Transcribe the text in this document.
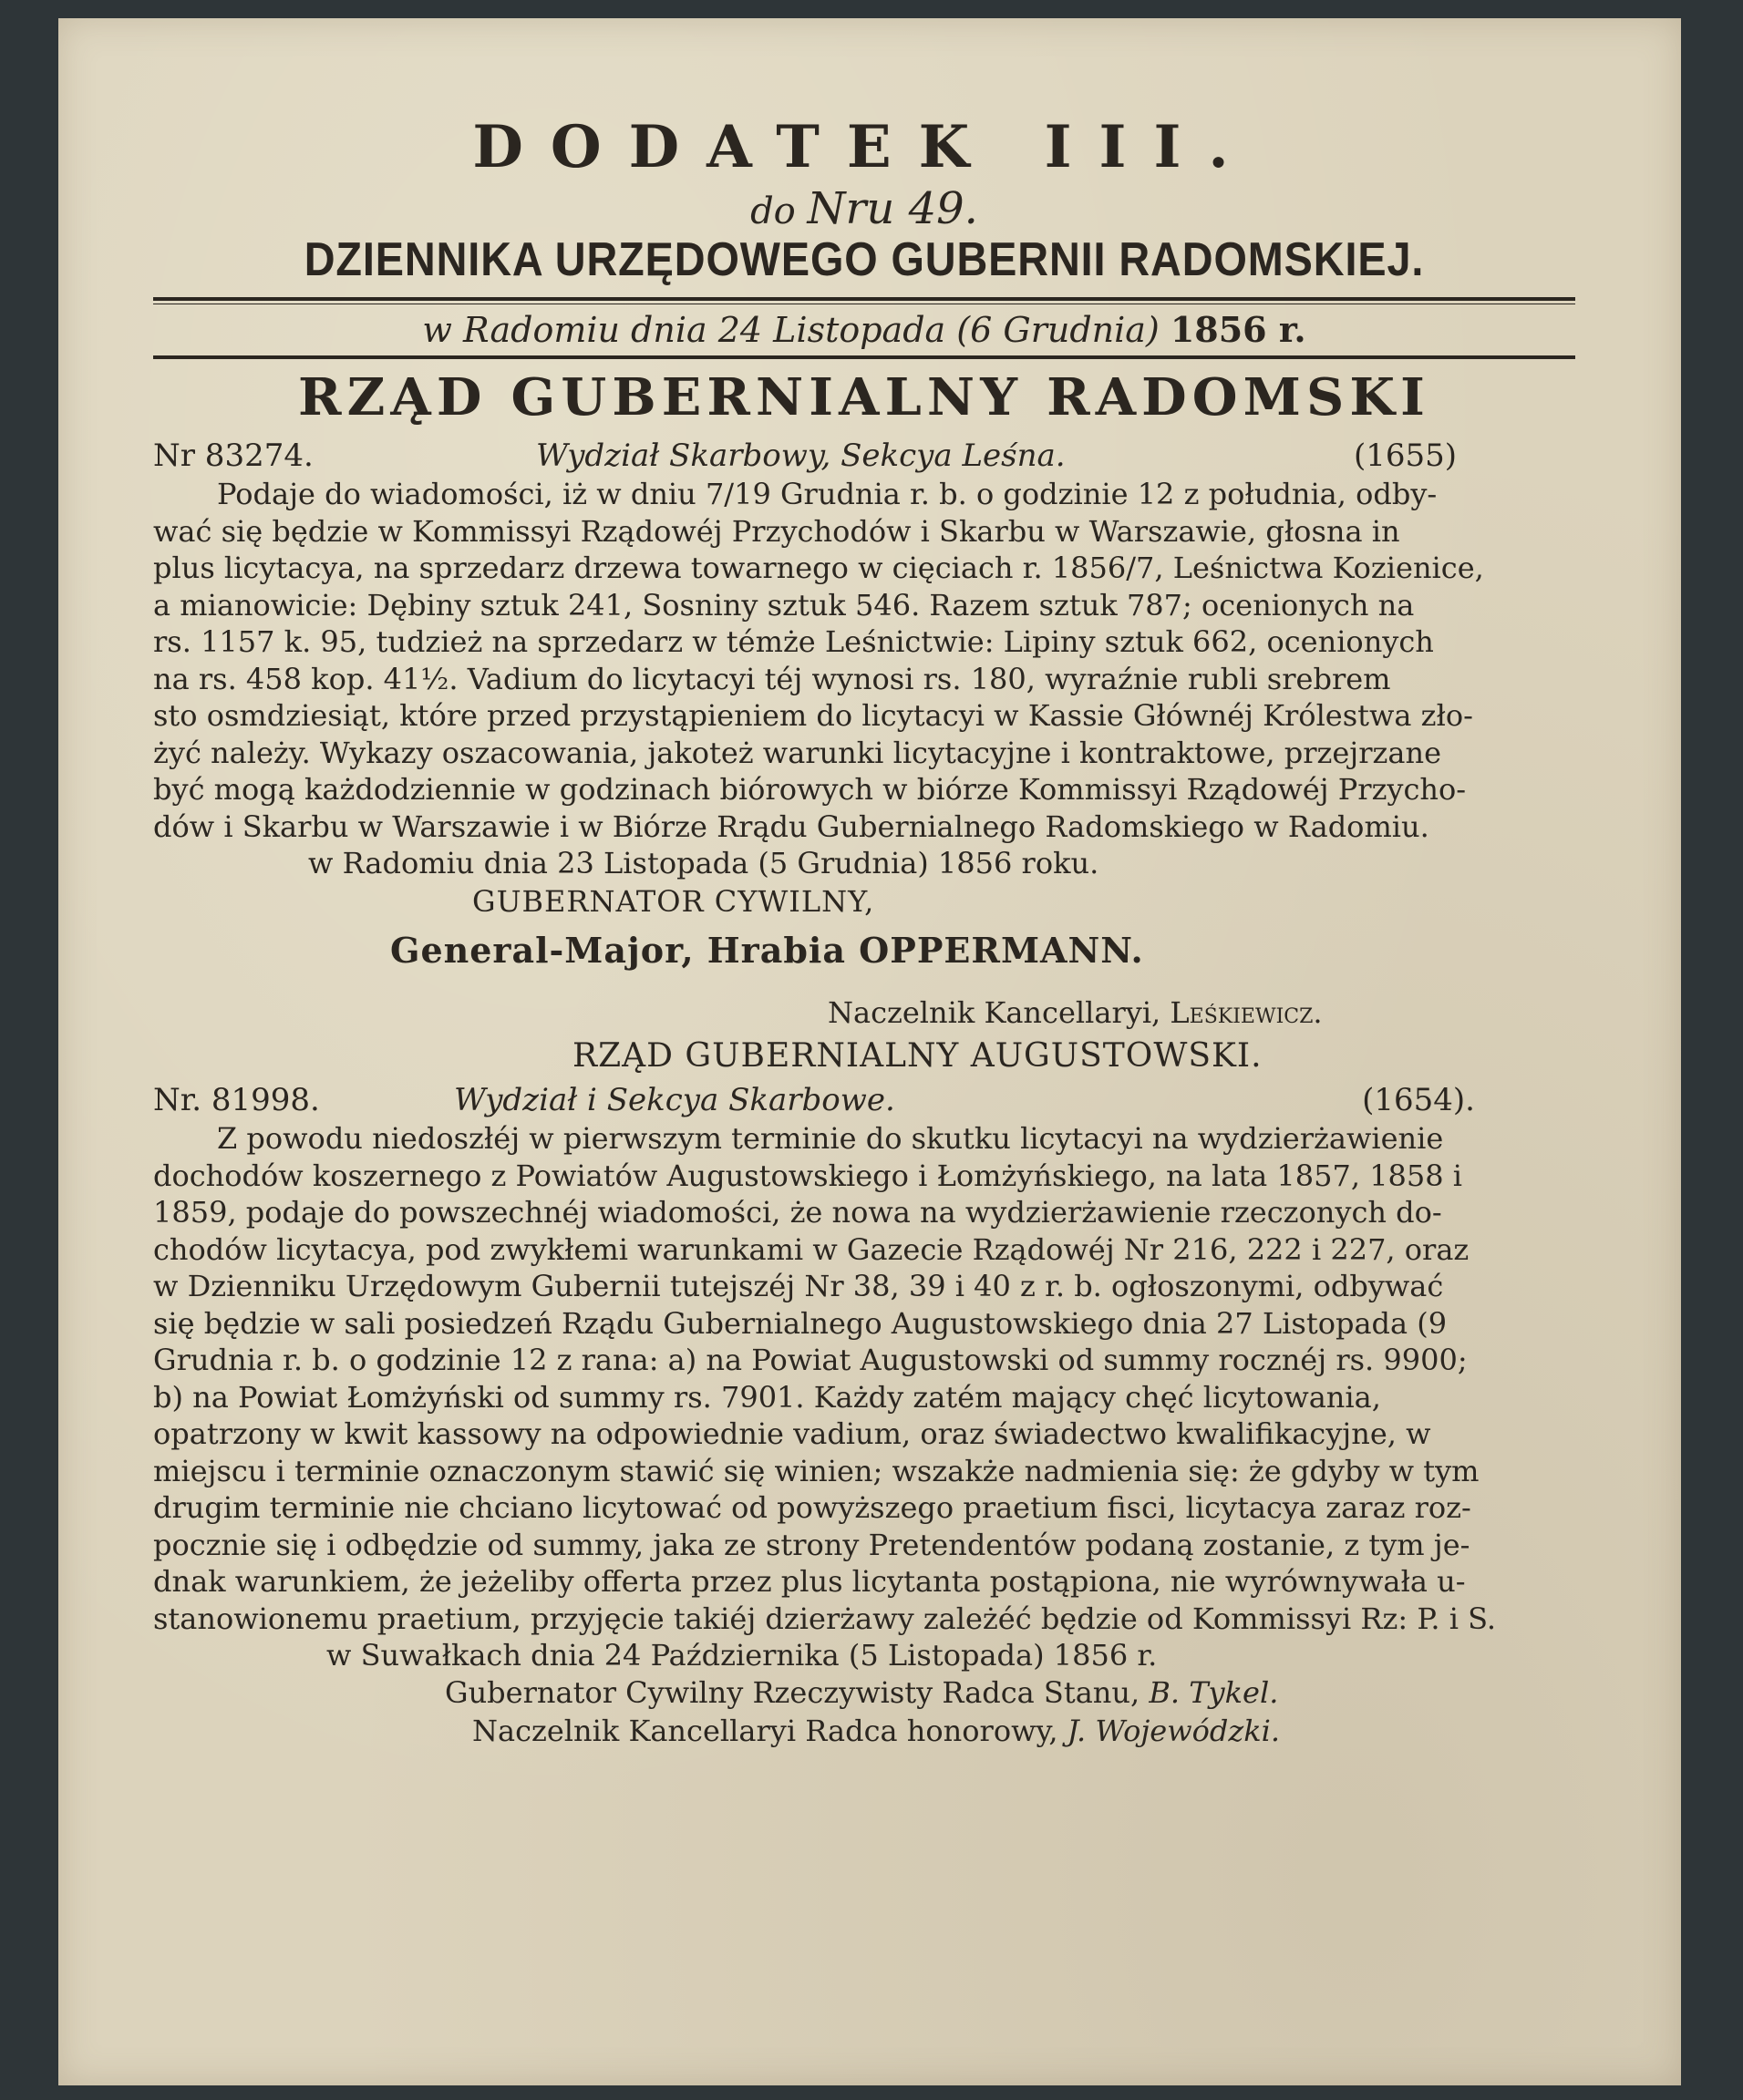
DODATEK III.
do Nru 49.
DZIENNIKA URZĘDOWEGO GUBERNII RADOMSKIEJ.
w Radomiu dnia 24 Listopada (6 Grudnia) 1856 r.
RZĄD GUBERNIALNY RADOMSKI
Nr 83274.	Wydział Skarbowy, Sekcya Leśna.	(1655)

Podaje do wiadomości, iż w dniu 7/19 Grudnia r. b. o godzinie 12 z południa, odby-
wać się będzie w Kommissyi Rządowéj Przychodów i Skarbu w Warszawie, głosna in
plus licytacya, na sprzedarz drzewa towarnego w cięciach r. 1856/7, Leśnictwa Kozienice,
a mianowicie: Dębiny sztuk 241, Sosniny sztuk 546. Razem sztuk 787; ocenionych na
rs. 1157 k. 95, tudzież na sprzedarz w témże Leśnictwie: Lipiny sztuk 662, ocenionych
na rs. 458 kop. 41½. Vadium do licytacyi téj wynosi rs. 180, wyraźnie rubli srebrem
sto osmdziesiąt, które przed przystąpieniem do licytacyi w Kassie Głównéj Królestwa zło-
żyć należy. Wykazy oszacowania, jakoteż warunki licytacyjne i kontraktowe, przejrzane
być mogą każdodziennie w godzinach biórowych w biórze Kommissyi Rządowéj Przycho-
dów i Skarbu w Warszawie i w Biórze Rrądu Gubernialnego Radomskiego w Radomiu.

w Radomiu dnia 23 Listopada (5 Grudnia) 1856 roku.
GUBERNATOR CYWILNY,
General-Major, Hrabia OPPERMANN.
Naczelnik Kancellaryi, Leśkiewicz.
RZĄD GUBERNIALNY AUGUSTOWSKI.
Nr. 81998.	Wydział i Sekcya Skarbowe.	(1654).

Z powodu niedoszłéj w pierwszym terminie do skutku licytacyi na wydzierżawienie
dochodów koszernego z Powiatów Augustowskiego i Łomżyńskiego, na lata 1857, 1858 i
1859, podaje do powszechnéj wiadomości, że nowa na wydzierżawienie rzeczonych do-
chodów licytacya, pod zwykłemi warunkami w Gazecie Rządowéj Nr 216, 222 i 227, oraz
w Dzienniku Urzędowym Gubernii tutejszéj Nr 38, 39 i 40 z r. b. ogłoszonymi, odbywać
się będzie w sali posiedzeń Rządu Gubernialnego Augustowskiego dnia 27 Listopada (9
Grudnia r. b. o godzinie 12 z rana: a) na Powiat Augustowski od summy rocznéj rs. 9900;
b) na Powiat Łomżyński od summy rs. 7901. Każdy zatém mający chęć licytowania,
opatrzony w kwit kassowy na odpowiednie vadium, oraz świadectwo kwalifikacyjne, w
miejscu i terminie oznaczonym stawić się winien; wszakże nadmienia się: że gdyby w tym
drugim terminie nie chciano licytować od powyższego praetium fisci, licytacya zaraz roz-
pocznie się i odbędzie od summy, jaka ze strony Pretendentów podaną zostanie, z tym je-
dnak warunkiem, że jeżeliby offerta przez plus licytanta postąpiona, nie wyrównywała u-
stanowionemu praetium, przyjęcie takiéj dzierżawy zależéć będzie od Kommissyi Rz: P. i S.

w Suwałkach dnia 24 Października (5 Listopada) 1856 r.
Gubernator Cywilny Rzeczywisty Radca Stanu, B. Tykel.
Naczelnik Kancellaryi Radca honorowy, J. Wojewódzki.
